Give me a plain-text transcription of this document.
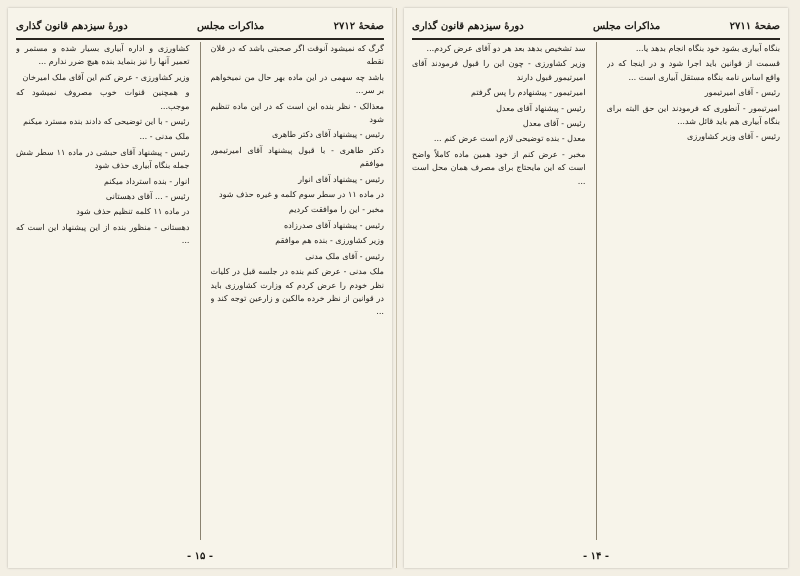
دورهٔ سیزدهم قانون گذاری	مذاکرات مجلس	صفحهٔ ۲۷۱۲

گرگ که نمیشود آنوقت اگر صحبتی باشد که در فلان نقطه

باشد چه سهمی در این ماده بهر حال من نمیخواهم بر سر...

معذالک - نظر بنده این است که در این ماده تنظیم شود

رئیس - پیشنهاد آقای دکتر طاهری

دکتر طاهری - با قبول پیشنهاد آقای امیرتیمور موافقم

رئیس - پیشنهاد آقای انوار

در ماده ۱۱ در سطر سوم کلمه و غیره حذف شود

مخبر - این را موافقت کردیم

رئیس - پیشنهاد آقای صدرزاده

وزیر کشاورزی - بنده هم موافقم

رئیس - آقای ملک مدنی

ملک مدنی - عرض کنم بنده در جلسه قبل در کلیات نظر خودم را عرض کردم که وزارت کشاورزی باید در قوانین از نظر خرده مالکین و زارعین توجه کند و ...

کشاورزی و اداره آبیاری بسیار شده و مستمر و تعمیر آنها را نیز بنماید بنده هیچ ضرر ندارم ...

وزیر کشاورزی - عرض کنم این آقای ملک امیرخان

و همچنین قنوات خوب مصروف نمیشود که موجب...

رئیس - با این توضیحی که دادند بنده مسترد میکنم

ملک مدنی - ...

رئیس - پیشنهاد آقای حبشی در ماده ۱۱ سطر شش جمله بنگاه آبیاری حذف شود

انوار - بنده استرداد میکنم

رئیس - ... آقای دهستانی

در ماده ۱۱ کلمه تنظیم حذف شود

دهستانی - منظور بنده از این پیشنهاد این است که ...

- ۱۵ -
دورهٔ سیزدهم قانون گذاری	مذاکرات مجلس	صفحهٔ ۲۷۱۱

بنگاه آبیاری بشود خود بنگاه انجام بدهد یا...

قسمت از قوانین باید اجرا شود و در اینجا که در واقع اساس نامه بنگاه مستقل آبیاری است ...

رئیس - آقای امیرتیمور

امیرتیمور - آنطوری که فرمودند این حق البته برای بنگاه آبیاری هم باید قائل شد...

رئیس - آقای وزیر کشاورزی

سد تشخیص بدهد بعد هر دو آقای عرض کردم...

وزیر کشاورزی - چون این را قبول فرمودند آقای امیرتیمور قبول دارند

امیرتیمور - پیشنهادم را پس گرفتم

رئیس - پیشنهاد آقای معدل

رئیس - آقای معدل

معدل - بنده توضیحی لازم است عرض کنم ...

مخبر - عرض کنم از خود همین ماده کاملاً واضح است که این مایحتاج برای مصرف همان محل است ...

- ۱۴ -
